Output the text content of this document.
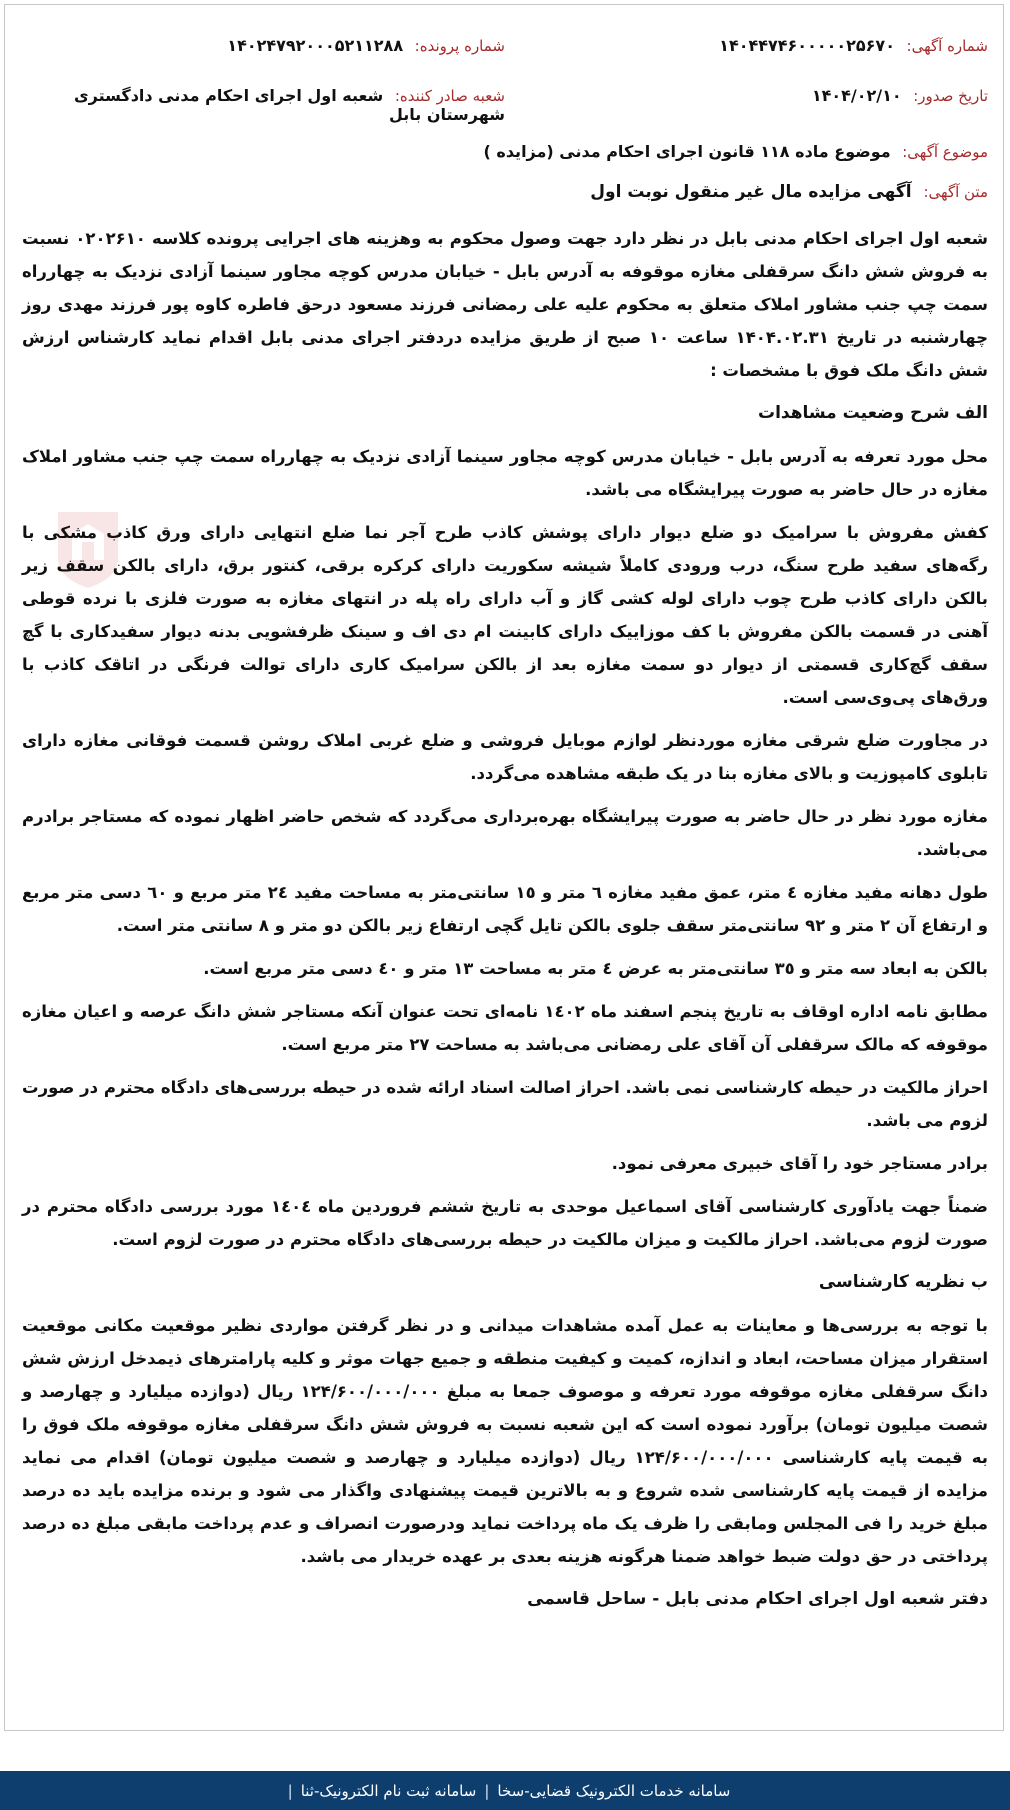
شماره آگهی: ۱۴۰۴۴۷۴۶۰۰۰۰۰۲۵۶۷۰
شماره پرونده: ۱۴۰۲۴۷۹۲۰۰۰۵۲۱۱۲۸۸
تاریخ صدور: ۱۴۰۴/۰۲/۱۰
شعبه صادر کننده: شعبه اول اجرای احکام مدنی دادگستری شهرستان بابل
موضوع آگهی: موضوع ماده ۱۱۸ قانون اجرای احکام مدنی (مزایده )
متن آگهی: آگهی مزایده مال غیر منقول نوبت اول

شعبه اول اجرای احکام مدنی بابل در نظر دارد جهت وصول محکوم به وهزینه های اجرایی پرونده کلاسه ۰۲۰۲۶۱۰ نسبت به فروش شش دانگ سرقفلی مغازه موقوفه به آدرس بابل - خیابان مدرس کوچه مجاور سینما آزادی نزدیک به چهارراه سمت چپ جنب مشاور املاک متعلق به محکوم علیه علی رمضانی فرزند مسعود درحق فاطره کاوه پور فرزند مهدی روز چهارشنبه در تاریخ ۱۴۰۴.۰۲.۳۱ ساعت ۱۰ صبح از طریق مزایده دردفتر اجرای مدنی بابل اقدام نماید کارشناس ارزش شش دانگ ملک فوق با مشخصات :

الف شرح وضعیت مشاهدات

محل مورد تعرفه به آدرس بابل - خیابان مدرس کوچه مجاور سینما آزادی نزدیک به چهارراه سمت چپ جنب مشاور املاک مغازه در حال حاضر به صورت پیرایشگاه می باشد.

کفش مفروش با سرامیک دو ضلع دیوار دارای پوشش کاذب طرح آجر نما ضلع انتهایی دارای ورق کاذب مشکی با رگه‌های سفید طرح سنگ، درب ورودی کاملاً شیشه سکوریت دارای کرکره برقی، کنتور برق، دارای بالکن سقف زیر بالکن دارای کاذب طرح چوب دارای لوله کشی گاز و آب دارای راه پله در انتهای مغازه به صورت فلزی با نرده قوطی آهنی در قسمت بالکن مفروش با کف موزاییک دارای کابینت ام دی اف و سینک ظرفشویی بدنه دیوار سفیدکاری با گچ سقف گچ‌کاری قسمتی از دیوار دو سمت مغازه بعد از بالکن سرامیک کاری دارای توالت فرنگی در اتاقک کاذب با ورق‌های پی‌وی‌سی است.

در مجاورت ضلع شرقی مغازه موردنظر لوازم موبایل فروشی و ضلع غربی املاک روشن قسمت فوقانی مغازه دارای تابلوی کامپوزیت و بالای مغازه بنا در یک طبقه مشاهده می‌گردد.

مغازه مورد نظر در حال حاضر به صورت پیرایشگاه بهره‌برداری می‌گردد که شخص حاضر اظهار نموده که مستاجر برادرم می‌باشد.

طول دهانه مفید مغازه ٤ متر، عمق مفید مغازه ٦ متر و ١٥ سانتی‌متر به مساحت مفید ٢٤ متر مربع و ٦٠ دسی متر مربع و ارتفاع آن ٢ متر و ٩٢ سانتی‌متر سقف جلوی بالکن تایل گچی ارتفاع زیر بالکن دو متر و ٨ سانتی متر است.

بالکن به ابعاد سه متر و ٣٥ سانتی‌متر به عرض ٤ متر به مساحت ١٣ متر و ٤٠ دسی متر مربع است.

مطابق نامه اداره اوقاف به تاریخ پنجم اسفند ماه ١٤٠٢ نامه‌ای تحت عنوان آنکه مستاجر شش دانگ عرصه و اعیان مغازه موقوفه که مالک سرقفلی آن آقای علی رمضانی می‌باشد به مساحت ٢٧ متر مربع است.

احراز مالکیت در حیطه کارشناسی نمی باشد. احراز اصالت اسناد ارائه شده در حیطه بررسی‌های دادگاه محترم در صورت لزوم می باشد.

برادر مستاجر خود را آقای خبیری معرفی نمود.

ضمناً جهت یادآوری کارشناسی آقای اسماعیل موحدی به تاریخ ششم فروردین ماه ١٤٠٤ مورد بررسی دادگاه محترم در صورت لزوم می‌باشد. احراز مالکیت و میزان مالکیت در حیطه بررسی‌های دادگاه محترم در صورت لزوم است.

ب نظریه کارشناسی

با توجه به بررسی‌ها و معاینات به عمل آمده مشاهدات میدانی و در نظر گرفتن مواردی نظیر موقعیت مکانی موقعیت استقرار میزان مساحت، ابعاد و اندازه، کمیت و کیفیت منطقه و جمیع جهات موثر و کلیه پارامترهای ذیمدخل ارزش شش دانگ سرقفلی مغازه موقوفه مورد تعرفه و موصوف جمعا به مبلغ ۱۲۴/۶۰۰/۰۰۰/۰۰۰ ریال (دوازده میلیارد و چهارصد و شصت میلیون تومان) برآورد نموده است که این شعبه نسبت به فروش شش دانگ سرقفلی مغازه موقوفه ملک فوق را به قیمت پایه کارشناسی ۱۲۴/۶۰۰/۰۰۰/۰۰۰ ریال (دوازده میلیارد و چهارصد و شصت میلیون تومان) اقدام می نماید مزایده از قیمت پایه کارشناسی شده شروع و به بالاترین قیمت پیشنهادی واگذار می شود و برنده مزایده باید ده درصد مبلغ خرید را فی المجلس ومابقی را ظرف یک ماه پرداخت نماید ودرصورت انصراف و عدم پرداخت مابقی مبلغ ده درصد پرداختی در حق دولت ضبط خواهد ضمنا هرگونه هزینه بعدی بر عهده خریدار می باشد.

دفتر شعبه اول اجرای احکام مدنی بابل - ساحل قاسمی

سامانه خدمات الکترونیک قضایی-سخا
|
سامانه ثبت نام الکترونیک-ثنا
|
